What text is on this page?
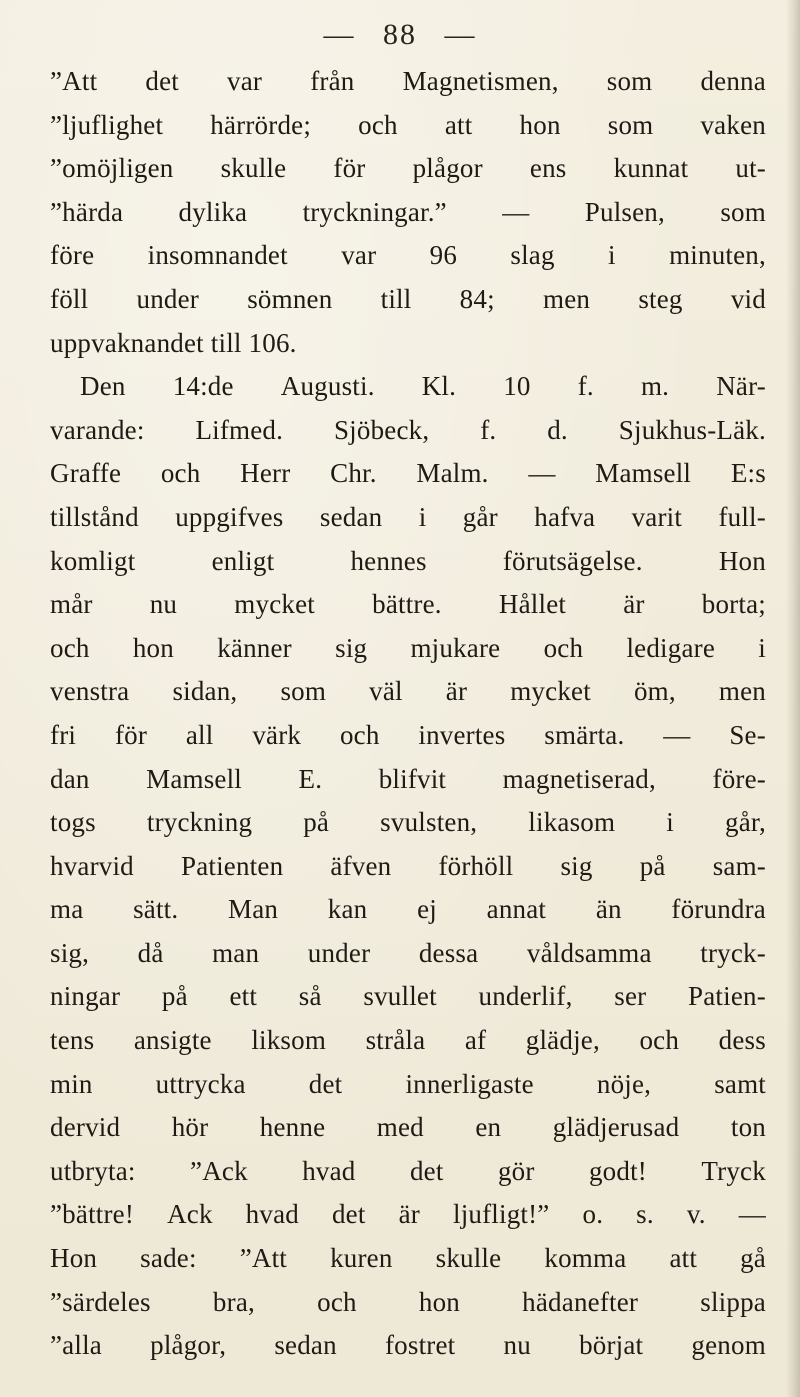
— 88 —
”Att det var från Magnetismen, som denna
”ljuflighet härrörde; och att hon som vaken
”omöjligen skulle för plågor ens kunnat ut-
”härda dylika tryckningar.” — Pulsen, som
före insomnandet var 96 slag i minuten,
föll under sömnen till 84; men steg vid
uppvaknandet till 106.
Den 14:de Augusti. Kl. 10 f. m. När-
varande: Lifmed. Sjöbeck, f. d. Sjukhus-Läk.
Graffe och Herr Chr. Malm. — Mamsell E:s
tillstånd uppgifves sedan i går hafva varit full-
komligt	enligt	hennes	förutsägelse.	Hon
mår nu mycket bättre. Hållet är borta;
och hon känner sig mjukare och ledigare i
venstra sidan, som väl är mycket öm, men
fri för all värk och invertes smärta. — Se-
dan Mamsell E. blifvit magnetiserad, före-
togs tryckning på svulsten, likasom i går,
hvarvid Patienten äfven förhöll sig på sam-
ma sätt. Man kan ej annat än förundra
sig, då man under dessa våldsamma tryck-
ningar på ett så svullet underlif, ser Patien-
tens ansigte liksom stråla af glädje, och dess
min uttrycka det innerligaste nöje, samt
dervid hör henne med en glädjerusad ton
utbryta: ”Ack hvad det gör godt! Tryck
”bättre! Ack hvad det är ljufligt!” o. s. v. —
Hon sade: ”Att kuren skulle komma att gå
”särdeles bra, och hon hädanefter slippa
”alla plågor, sedan fostret nu börjat genom
